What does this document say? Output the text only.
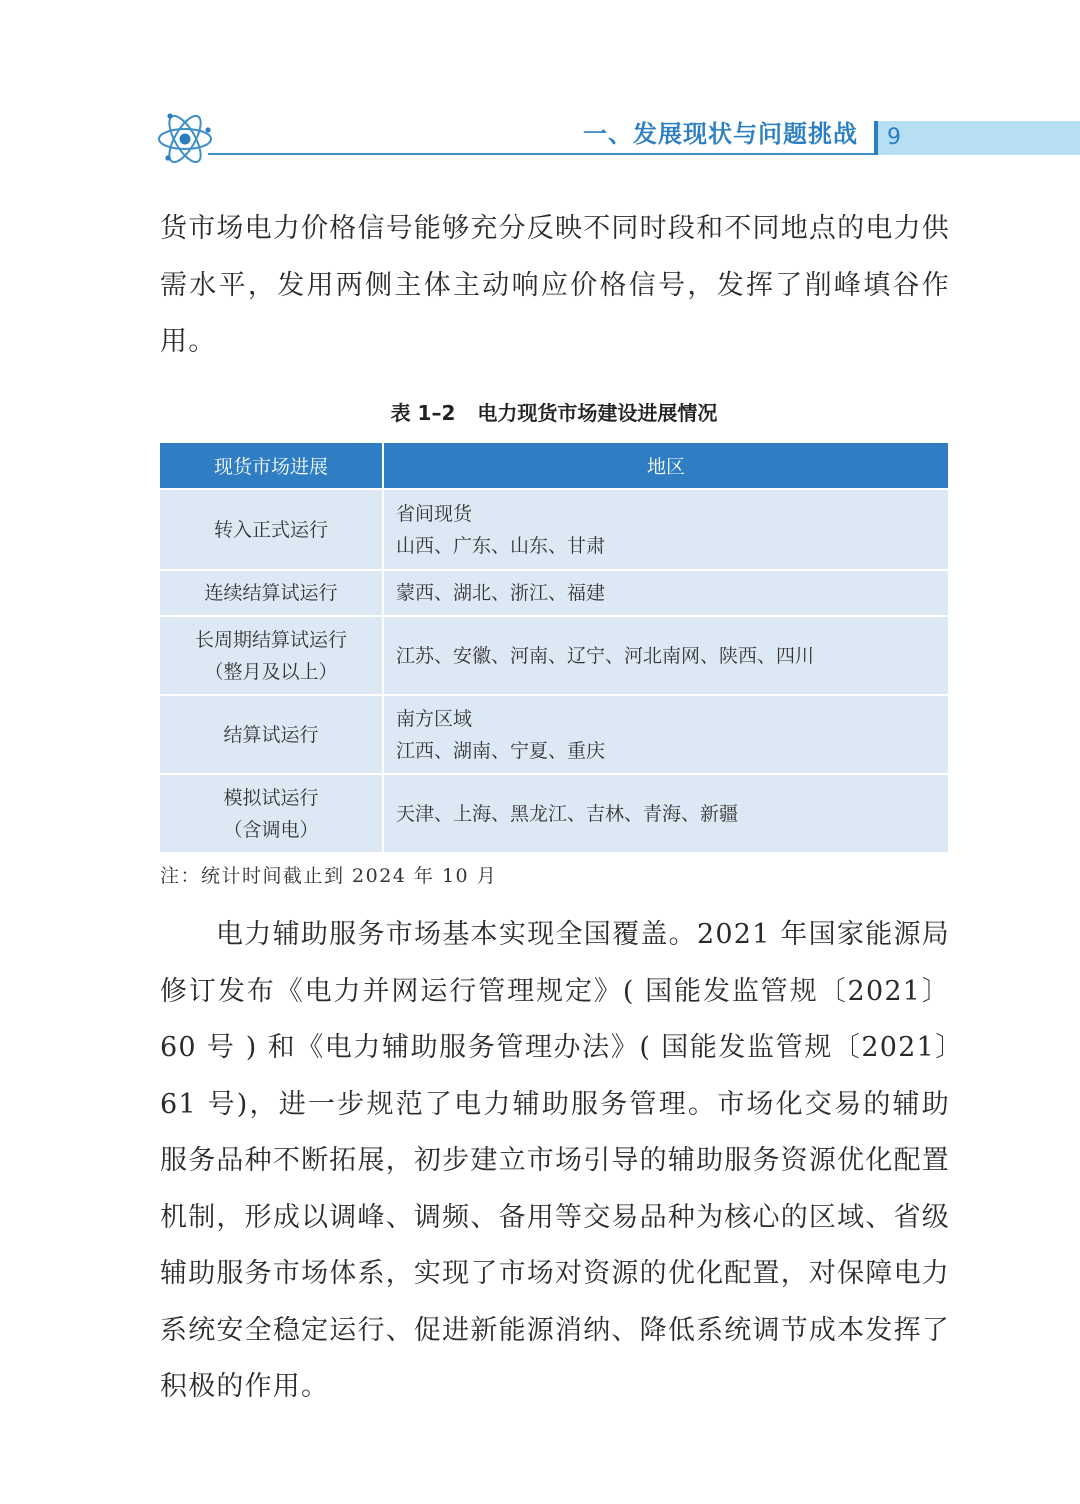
一、发展现状与问题挑战 9

货市场电力价格信号能够充分反映不同时段和不同地点的电力供需水平，发用两侧主体主动响应价格信号，发挥了削峰填谷作用。

表 1–2 电力现货市场建设进展情况
现货市场进展	地区

转入正式运行	省间现货
山西、广东、山东、甘肃

连续结算试运行	蒙西、湖北、浙江、福建

长周期结算试运行
（整月及以上）	江苏、安徽、河南、辽宁、河北南网、陕西、四川

结算试运行	南方区域
江西、湖南、宁夏、重庆

模拟试运行
（含调电）	天津、上海、黑龙江、吉林、青海、新疆
注：统计时间截止到 2024 年 10 月

电力辅助服务市场基本实现全国覆盖。2021 年国家能源局修订发布《电力并网运行管理规定》( 国能发监管规〔2021〕60 号 ) 和《电力辅助服务管理办法》( 国能发监管规〔2021〕61 号)，进一步规范了电力辅助服务管理。市场化交易的辅助服务品种不断拓展，初步建立市场引导的辅助服务资源优化配置机制，形成以调峰、调频、备用等交易品种为核心的区域、省级辅助服务市场体系，实现了市场对资源的优化配置，对保障电力系统安全稳定运行、促进新能源消纳、降低系统调节成本发挥了积极的作用。
